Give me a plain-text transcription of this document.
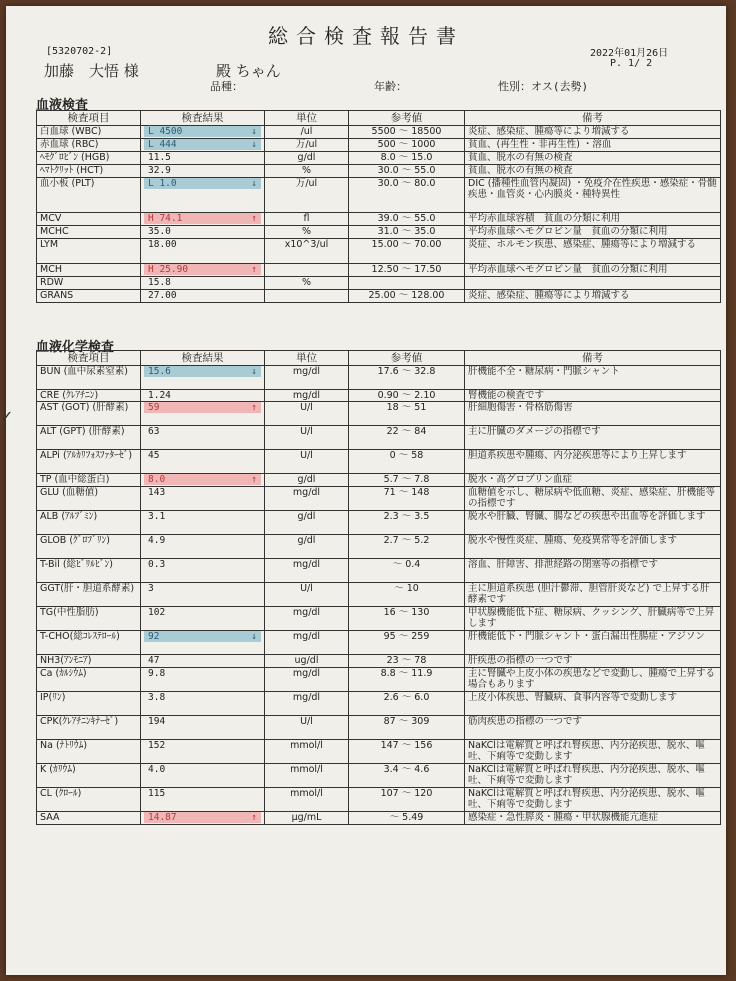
総合検査報告書
[5320702-2]	2022年01月26日
P. 1/ 2
加藤　大悟 様	殿 ちゃん
品種：	年齢：	性別：オス(去勢)
血液検査
検査項目	検査結果	単位	参考値	備考
白血球 (WBC)	L 4500 ↓	/ul	5500 ～ 18500	炎症、感染症、腫瘍等により増減する
赤血球 (RBC)	L 444 ↓	万/ul	500 ～ 1000	貧血、(再生性・非再生性) ・溶血
ﾍﾓｸﾞﾛﾋﾞﾝ (HGB)	11.5	g/dl	8.0 ～ 15.0	貧血、脱水の有無の検査
ﾍﾏﾄｸﾘｯﾄ (HCT)	32.9	%	30.0 ～ 55.0	貧血、脱水の有無の検査
血小板 (PLT)	L 1.0 ↓	万/ul	30.0 ～ 80.0	DIC (播種性血管内凝固) ・免疫介在性疾患・感染症・骨髄疾患・血管炎・心内膜炎・種特異性
MCV	H 74.1 ↑	fl	39.0 ～ 55.0	平均赤血球容積　貧血の分類に利用
MCHC	35.0	%	31.0 ～ 35.0	平均赤血球ヘモグロビン量　貧血の分類に利用
LYM	18.00	x10^3/ul	15.00 ～ 70.00	炎症、ホルモン疾患、感染症、腫瘍等により増減する
MCH	H 25.90 ↑		12.50 ～ 17.50	平均赤血球ヘモグロビン量　貧血の分類に利用
RDW	15.8	%		
GRANS	27.00		25.00 ～ 128.00	炎症、感染症、腫瘍等により増減する
血液化学検査
検査項目	検査結果	単位	参考値	備考
BUN (血中尿素窒素)	15.6 ↓	mg/dl	17.6 ～ 32.8	肝機能不全・糖尿病・門脈シャント
CRE (ｸﾚｱﾁﾆﾝ)	1.24	mg/dl	0.90 ～ 2.10	腎機能の検査です
AST (GOT) (肝酵素)	59 ↑	U/l	18 ～ 51	肝細胞傷害・骨格筋傷害
ALT (GPT) (肝酵素)	63	U/l	22 ～ 84	主に肝臓のダメージの指標です
ALPi (ｱﾙｶﾘﾌｫｽﾌｧﾀｰｾﾞ)	45	U/l	0 ～ 58	胆道系疾患や腫瘍、内分泌疾患等により上昇します
TP (血中総蛋白)	8.0 ↑	g/dl	5.7 ～ 7.8	脱水・高グロブリン血症
GLU (血糖値)	143	mg/dl	71 ～ 148	血糖値を示し、糖尿病や低血糖、炎症、感染症、肝機能等の指標です
ALB (ｱﾙﾌﾞﾐﾝ)	3.1	g/dl	2.3 ～ 3.5	脱水や肝臓、腎臓、腸などの疾患や出血等を評価します
GLOB (ｸﾞﾛﾌﾞﾘﾝ)	4.9	g/dl	2.7 ～ 5.2	脱水や慢性炎症、腫瘍、免疫異常等を評価します
T-Bil (総ﾋﾞﾘﾙﾋﾞﾝ)	0.3	mg/dl	～ 0.4	溶血、肝障害、排泄経路の閉塞等の指標です
GGT(肝・胆道系酵素)	3	U/l	～ 10	主に胆道系疾患 (胆汁鬱滞、胆管肝炎など) で上昇する肝酵素です
TG(中性脂肪)	102	mg/dl	16 ～ 130	甲状腺機能低下症、糖尿病、クッシング、肝臓病等で上昇します
T-CHO(総ｺﾚｽﾃﾛｰﾙ)	92 ↓	mg/dl	95 ～ 259	肝機能低下・門脈シャント・蛋白漏出性腸症・アジソン
NH3(ｱﾝﾓﾆｱ)	47	ug/dl	23 ～ 78	肝疾患の指標の一つです
Ca (ｶﾙｼｳﾑ)	9.8	mg/dl	8.8 ～ 11.9	主に腎臓や上皮小体の疾患などで変動し、腫瘍で上昇する場合もあります
IP(ﾘﾝ)	3.8	mg/dl	2.6 ～ 6.0	上皮小体疾患、腎臓病、食事内容等で変動します
CPK(ｸﾚｱﾁﾆﾝｷﾅｰｾﾞ)	194	U/l	87 ～ 309	筋肉疾患の指標の一つです
Na (ﾅﾄﾘｳﾑ)	152	mmol/l	147 ～ 156	NaKClは電解質と呼ばれ腎疾患、内分泌疾患、脱水、嘔吐、下痢等で変動します
K (ｶﾘｳﾑ)	4.0	mmol/l	3.4 ～ 4.6	NaKClは電解質と呼ばれ腎疾患、内分泌疾患、脱水、嘔吐、下痢等で変動します
CL (ｸﾛｰﾙ)	115	mmol/l	107 ～ 120	NaKClは電解質と呼ばれ腎疾患、内分泌疾患、脱水、嘔吐、下痢等で変動します
SAA	14.87 ↑	μg/mL	～ 5.49	感染症・急性膵炎・腫瘍・甲状腺機能亢進症
✓
